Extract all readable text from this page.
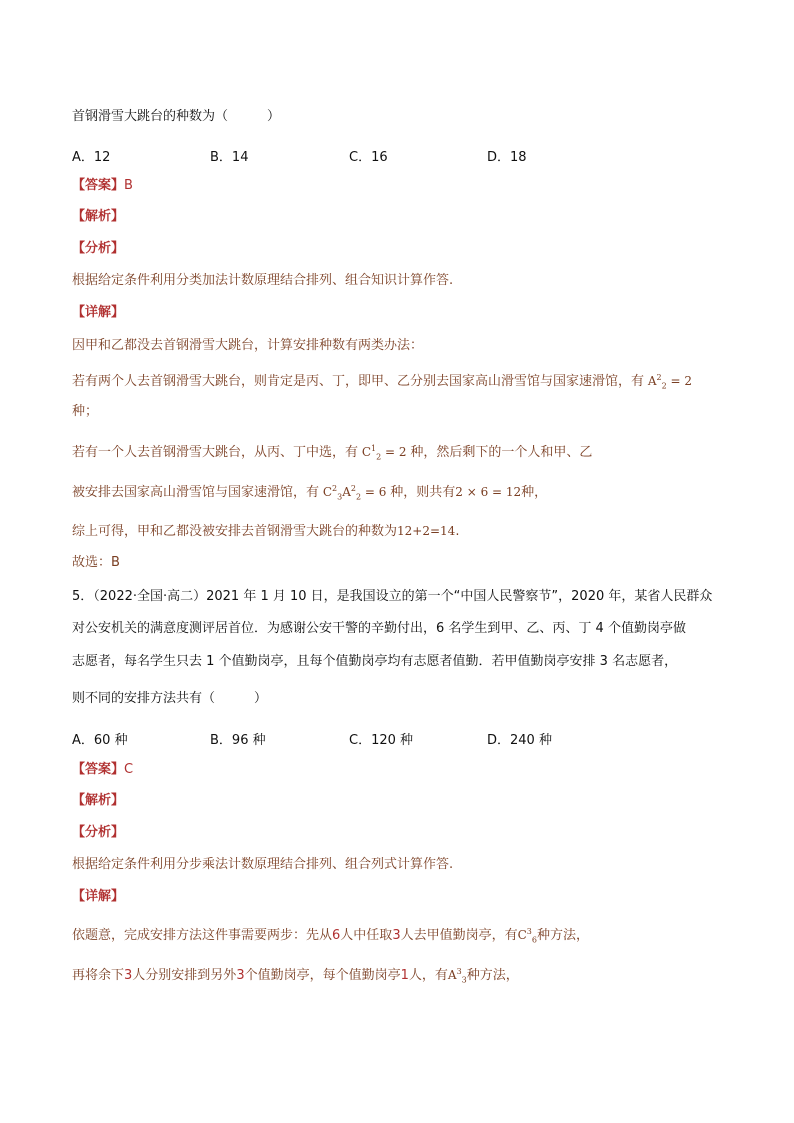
首钢滑雪大跳台的种数为（　　　）
A．12	B．14	C．16	D．18
【答案】B
【解析】
【分析】
根据给定条件利用分类加法计数原理结合排列、组合知识计算作答.
【详解】
因甲和乙都没去首钢滑雪大跳台，计算安排种数有两类办法：
若有两个人去首钢滑雪大跳台，则肯定是丙、丁，即甲、乙分别去国家高山滑雪馆与国家速滑馆，有 $A^2_2 = 2$
种；
若有一个人去首钢滑雪大跳台，从丙、丁中选，有 $C^1_2 = 2$ 种，然后剩下的一个人和甲、乙
被安排去国家高山滑雪馆与国家速滑馆，有 $C^2_3A^2_2 = 6$ 种，则共有2 × 6 = 12种，
综上可得，甲和乙都没被安排去首钢滑雪大跳台的种数为12+2=14.
故选：B
5．（2022·全国·高二）2021 年 1 月 10 日，是我国设立的第一个“中国人民警察节”，2020 年，某省人民群众
对公安机关的满意度测评居首位．为感谢公安干警的辛勤付出，6 名学生到甲、乙、丙、丁 4 个值勤岗亭做
志愿者，每名学生只去 1 个值勤岗亭，且每个值勤岗亭均有志愿者值勤．若甲值勤岗亭安排 3 名志愿者，
则不同的安排方法共有（　　　）
A．60 种	B．96 种	C．120 种	D．240 种
【答案】C
【解析】
【分析】
根据给定条件利用分步乘法计数原理结合排列、组合列式计算作答.
【详解】
依题意，完成安排方法这件事需要两步：先从6人中任取3人去甲值勤岗亭，有$C^3_6$种方法，
再将余下3人分别安排到另外3个值勤岗亭，每个值勤岗亭1人，有$A^3_3$种方法，
